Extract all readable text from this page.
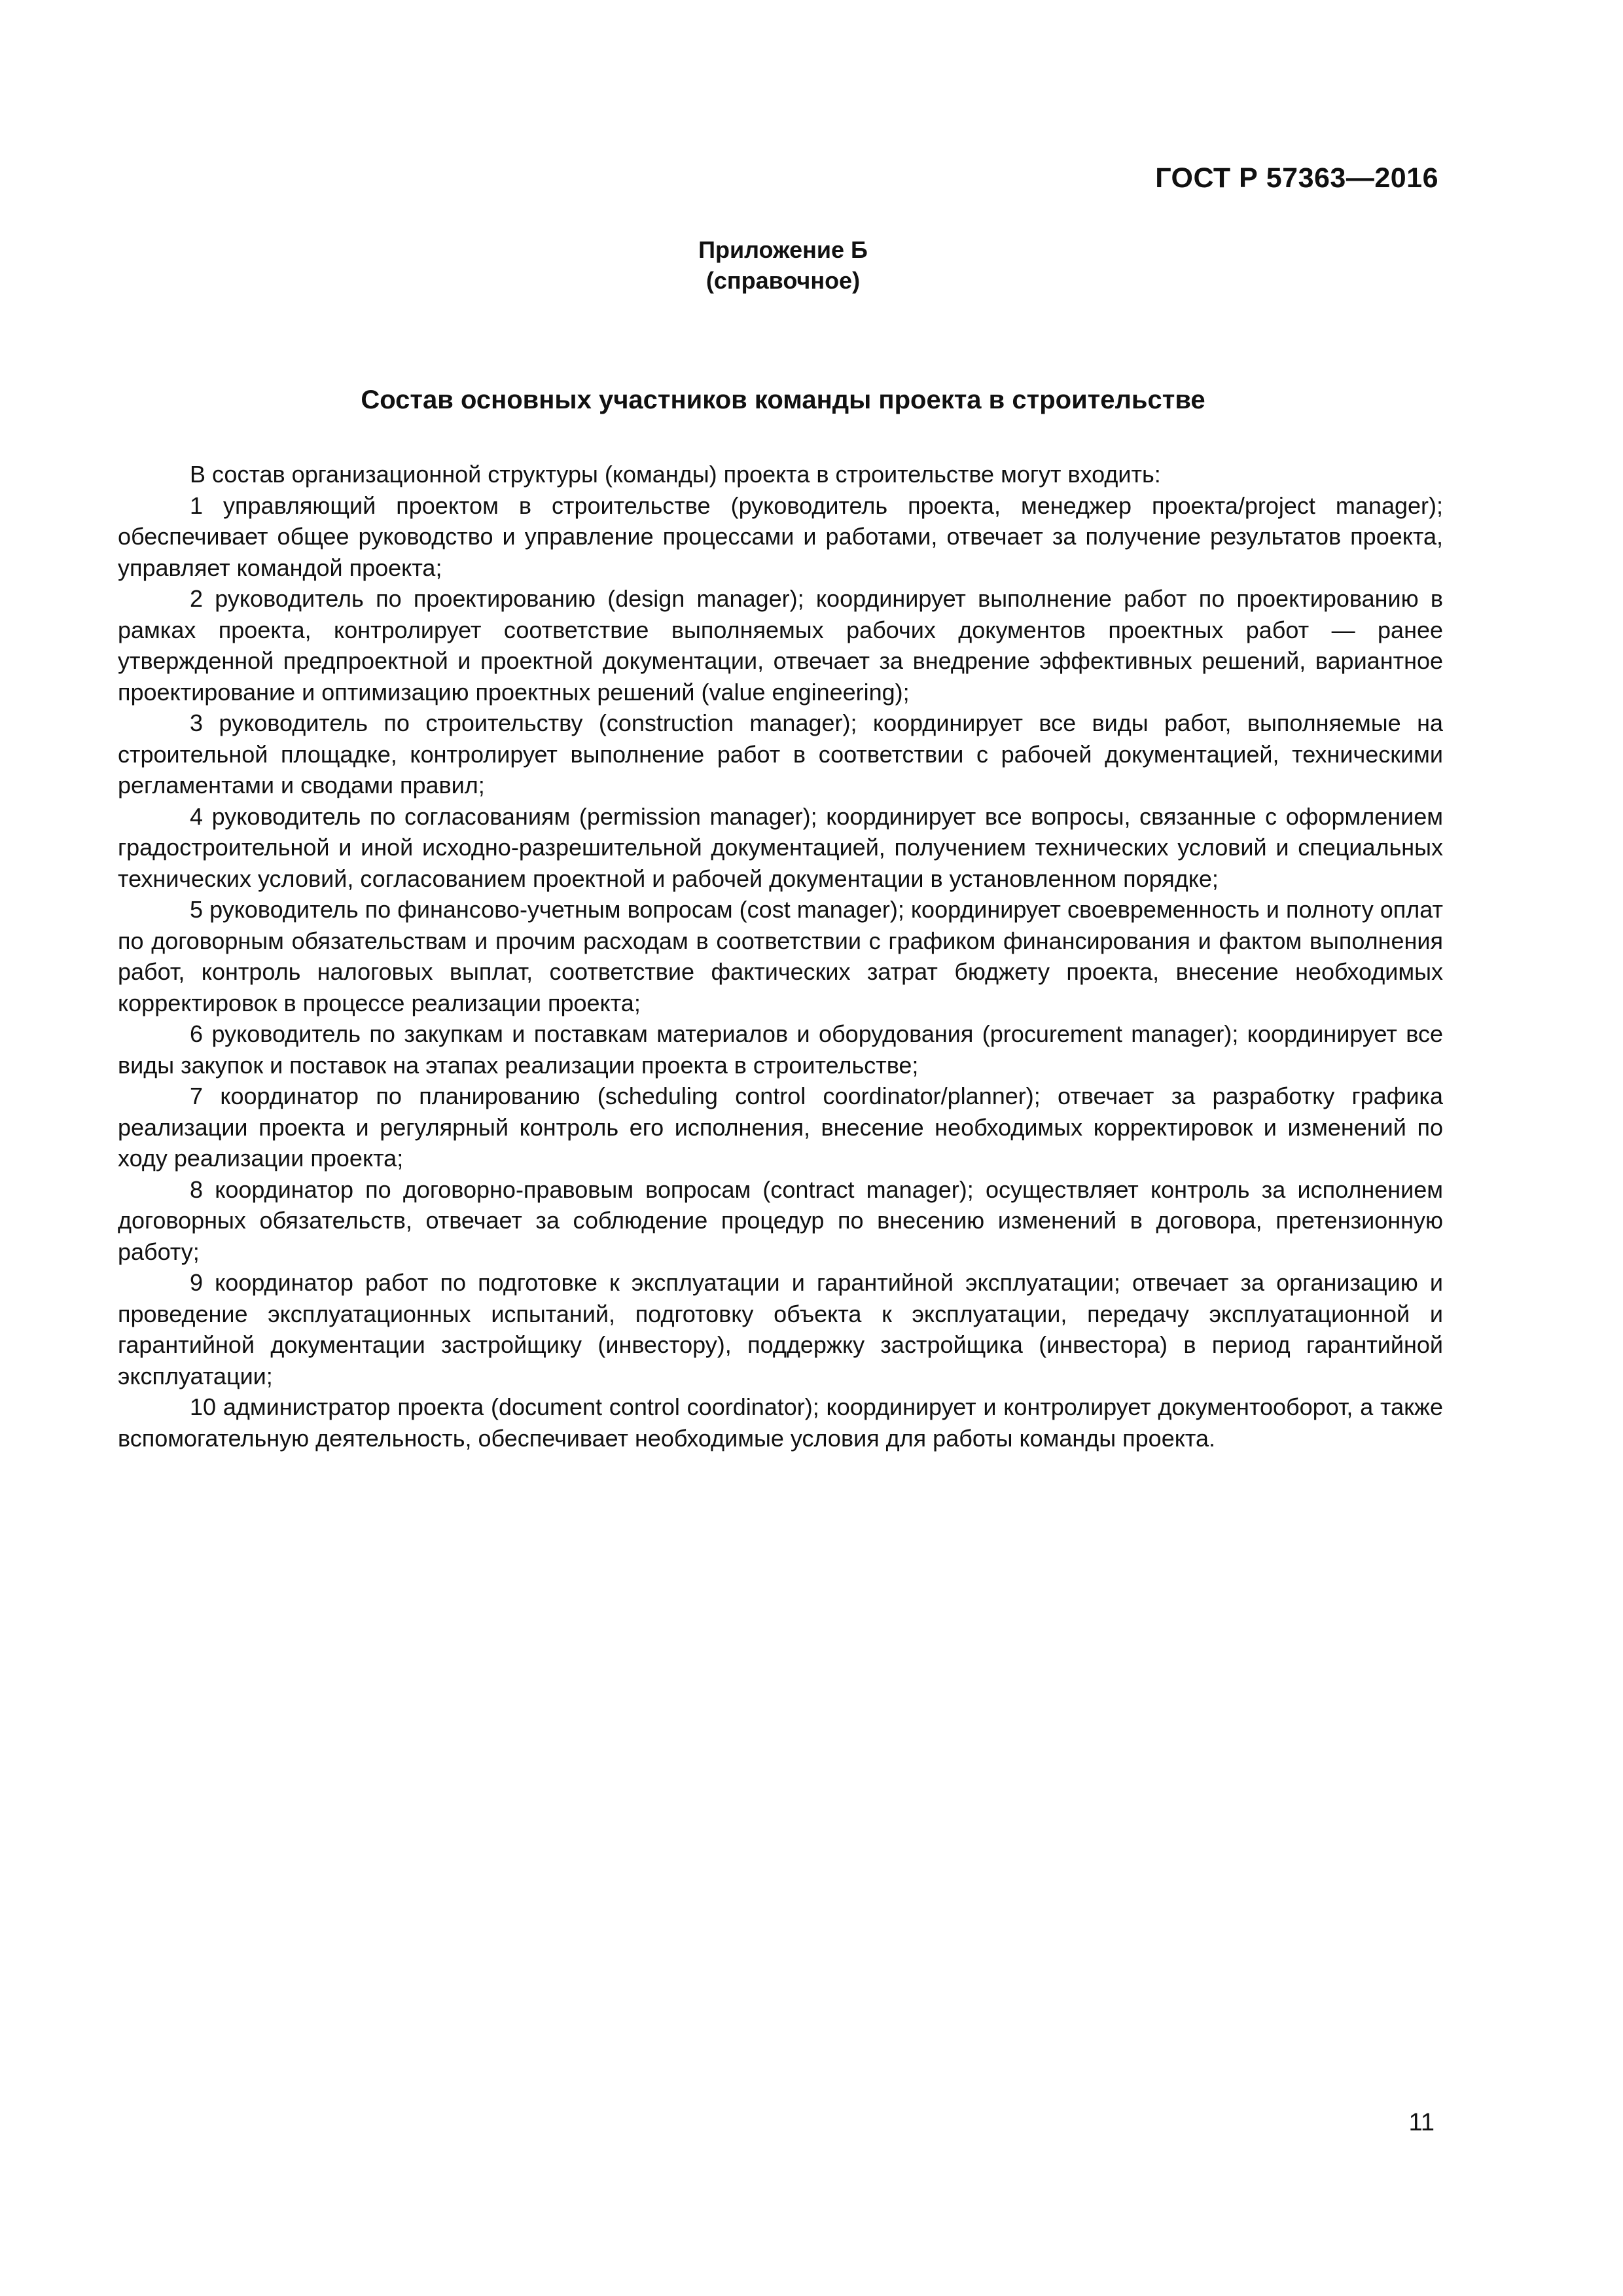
ГОСТ Р 57363—2016
Приложение Б
(справочное)
Состав основных участников команды проекта в строительстве

В состав организационной структуры (команды) проекта в строительстве могут входить:

1 управляющий проектом в строительстве (руководитель проекта, менеджер проекта/project manager); обеспечивает общее руководство и управление процессами и работами, отвечает за получение результатов проекта, управляет командой проекта;

2 руководитель по проектированию (design manager); координирует выполнение работ по проектированию в рамках проекта, контролирует соответствие выполняемых рабочих документов проектных работ — ранее утвержденной предпроектной и проектной документации, отвечает за внедрение эффективных решений, вариантное проектирование и оптимизацию проектных решений (value engineering);

3 руководитель по строительству (construction manager); координирует все виды работ, выполняемые на строительной площадке, контролирует выполнение работ в соответствии с рабочей документацией, техническими регламентами и сводами правил;

4 руководитель по согласованиям (permission manager); координирует все вопросы, связанные с оформлением градостроительной и иной исходно-разрешительной документацией, получением технических условий и специальных технических условий, согласованием проектной и рабочей документации в установленном порядке;

5 руководитель по финансово-учетным вопросам (cost manager); координирует своевременность и полноту оплат по договорным обязательствам и прочим расходам в соответствии с графиком финансирования и фактом выполнения работ, контроль налоговых выплат, соответствие фактических затрат бюджету проекта, внесение необходимых корректировок в процессе реализации проекта;

6 руководитель по закупкам и поставкам материалов и оборудования (procurement manager); координирует все виды закупок и поставок на этапах реализации проекта в строительстве;

7 координатор по планированию (scheduling control coordinator/planner); отвечает за разработку графика реализации проекта и регулярный контроль его исполнения, внесение необходимых корректировок и изменений по ходу реализации проекта;

8 координатор по договорно-правовым вопросам (contract manager); осуществляет контроль за исполнением договорных обязательств, отвечает за соблюдение процедур по внесению изменений в договора, претензионную работу;

9 координатор работ по подготовке к эксплуатации и гарантийной эксплуатации; отвечает за организацию и проведение эксплуатационных испытаний, подготовку объекта к эксплуатации, передачу эксплуатационной и гарантийной документации застройщику (инвестору), поддержку застройщика (инвестора) в период гарантийной эксплуатации;

10 администратор проекта (document control coordinator); координирует и контролирует документооборот, а также вспомогательную деятельность, обеспечивает необходимые условия для работы команды проекта.

11
